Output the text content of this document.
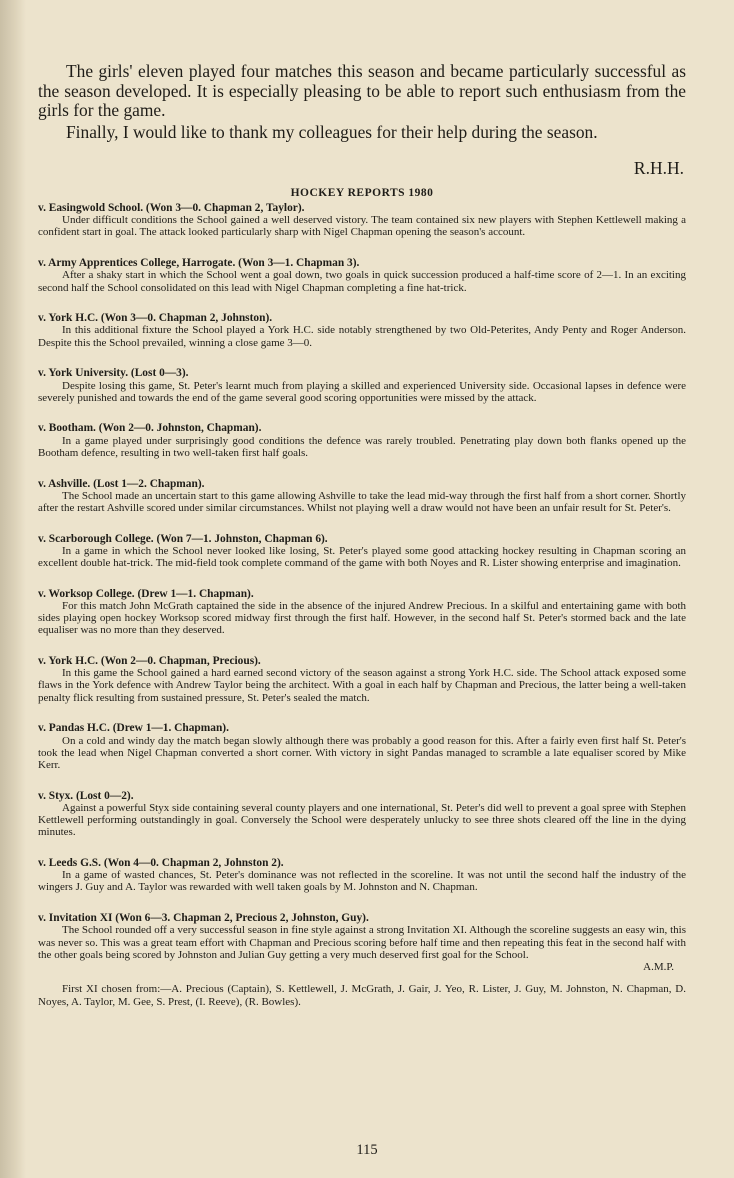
The girls' eleven played four matches this season and became particularly successful as the season developed. It is especially pleasing to be able to report such enthusiasm from the girls for the game.

Finally, I would like to thank my colleagues for their help during the season.

R.H.H.
HOCKEY REPORTS 1980
v. Easingwold School. (Won 3—0. Chapman 2, Taylor).
Under difficult conditions the School gained a well deserved vistory. The team contained six new players with Stephen Kettlewell making a confident start in goal. The attack looked particularly sharp with Nigel Chapman opening the season's account.
v. Army Apprentices College, Harrogate. (Won 3—1. Chapman 3).
After a shaky start in which the School went a goal down, two goals in quick succession produced a half-time score of 2—1. In an exciting second half the School consolidated on this lead with Nigel Chapman completing a fine hat-trick.
v. York H.C. (Won 3—0. Chapman 2, Johnston).
In this additional fixture the School played a York H.C. side notably strengthened by two Old-Peterites, Andy Penty and Roger Anderson. Despite this the School prevailed, winning a close game 3—0.
v. York University. (Lost 0—3).
Despite losing this game, St. Peter's learnt much from playing a skilled and experienced University side. Occasional lapses in defence were severely punished and towards the end of the game several good scoring opportunities were missed by the attack.
v. Bootham. (Won 2—0. Johnston, Chapman).
In a game played under surprisingly good conditions the defence was rarely troubled. Penetrating play down both flanks opened up the Bootham defence, resulting in two well-taken first half goals.
v. Ashville. (Lost 1—2. Chapman).
The School made an uncertain start to this game allowing Ashville to take the lead mid-way through the first half from a short corner. Shortly after the restart Ashville scored under similar circumstances. Whilst not playing well a draw would not have been an unfair result for St. Peter's.
v. Scarborough College. (Won 7—1. Johnston, Chapman 6).
In a game in which the School never looked like losing, St. Peter's played some good attacking hockey resulting in Chapman scoring an excellent double hat-trick. The mid-field took complete command of the game with both Noyes and R. Lister showing enterprise and imagination.
v. Worksop College. (Drew 1—1. Chapman).
For this match John McGrath captained the side in the absence of the injured Andrew Precious. In a skilful and entertaining game with both sides playing open hockey Worksop scored midway first through the first half. However, in the second half St. Peter's stormed back and the late equaliser was no more than they deserved.
v. York H.C. (Won 2—0. Chapman, Precious).
In this game the School gained a hard earned second victory of the season against a strong York H.C. side. The School attack exposed some flaws in the York defence with Andrew Taylor being the architect. With a goal in each half by Chapman and Precious, the latter being a well-taken penalty flick resulting from sustained pressure, St. Peter's sealed the match.
v. Pandas H.C. (Drew 1—1. Chapman).
On a cold and windy day the match began slowly although there was probably a good reason for this. After a fairly even first half St. Peter's took the lead when Nigel Chapman converted a short corner. With victory in sight Pandas managed to scramble a late equaliser scored by Mike Kerr.
v. Styx. (Lost 0—2).
Against a powerful Styx side containing several county players and one international, St. Peter's did well to prevent a goal spree with Stephen Kettlewell performing outstandingly in goal. Conversely the School were desperately unlucky to see three shots cleared off the line in the dying minutes.
v. Leeds G.S. (Won 4—0. Chapman 2, Johnston 2).
In a game of wasted chances, St. Peter's dominance was not reflected in the scoreline. It was not until the second half the industry of the wingers J. Guy and A. Taylor was rewarded with well taken goals by M. Johnston and N. Chapman.
v. Invitation XI (Won 6—3. Chapman 2, Precious 2, Johnston, Guy).
The School rounded off a very successful season in fine style against a strong Invitation XI. Although the scoreline suggests an easy win, this was never so. This was a great team effort with Chapman and Precious scoring before half time and then repeating this feat in the second half with the other goals being scored by Johnston and Julian Guy getting a very much deserved first goal for the School.
A.M.P.

First XI chosen from:—A. Precious (Captain), S. Kettlewell, J. McGrath, J. Gair, J. Yeo, R. Lister, J. Guy, M. Johnston, N. Chapman, D. Noyes, A. Taylor, M. Gee, S. Prest, (I. Reeve), (R. Bowles).

115
